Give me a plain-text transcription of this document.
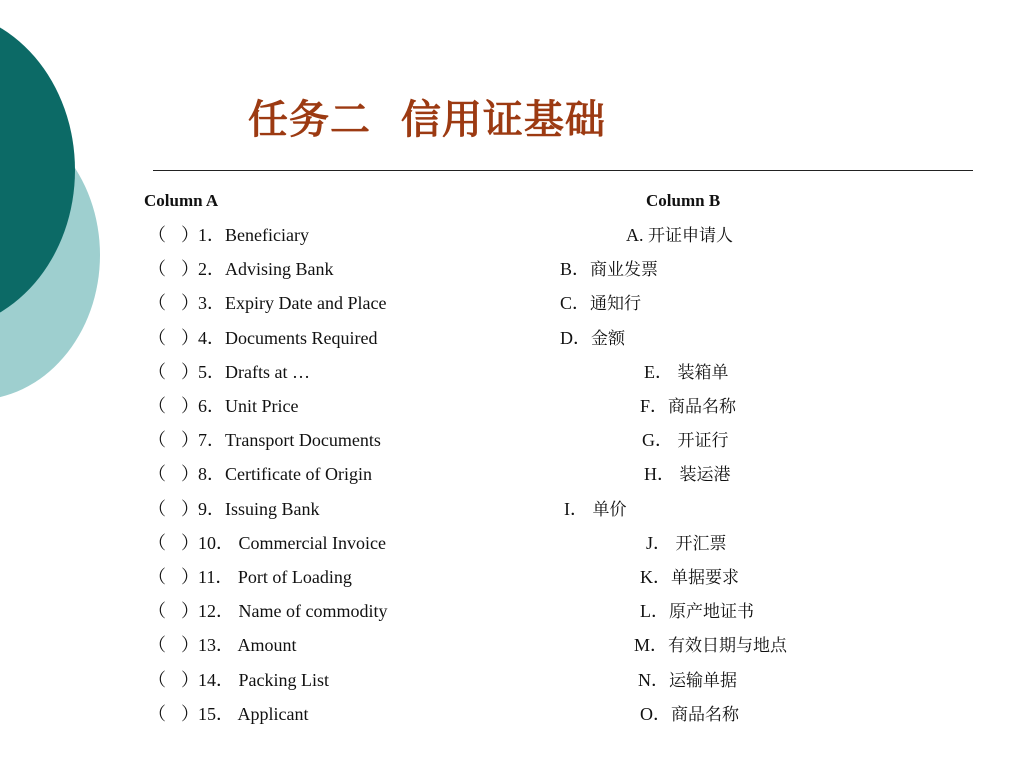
任务二  信用证基础
Column A	Column B
（ ） 1．Beneficiary	A. 开证申请人
（ ） 2．Advising Bank	B．商业发票
（ ） 3．Expiry Date and Place	C．通知行
（ ） 4．Documents Required	D．金额
（ ） 5．Drafts at …	E． 装箱单
（ ） 6．Unit Price	F．商品名称
（ ） 7．Transport Documents	G． 开证行
（ ） 8．Certificate of Origin	H． 装运港
（ ） 9．Issuing Bank	I． 单价
（ ） 10． Commercial Invoice	J． 开汇票
（ ） 11． Port of Loading	K．单据要求
（ ） 12． Name of commodity	L．原产地证书
（ ） 13． Amount	M．有效日期与地点
（ ） 14． Packing List	N．运输单据
（ ） 15． Applicant	O．商品名称
